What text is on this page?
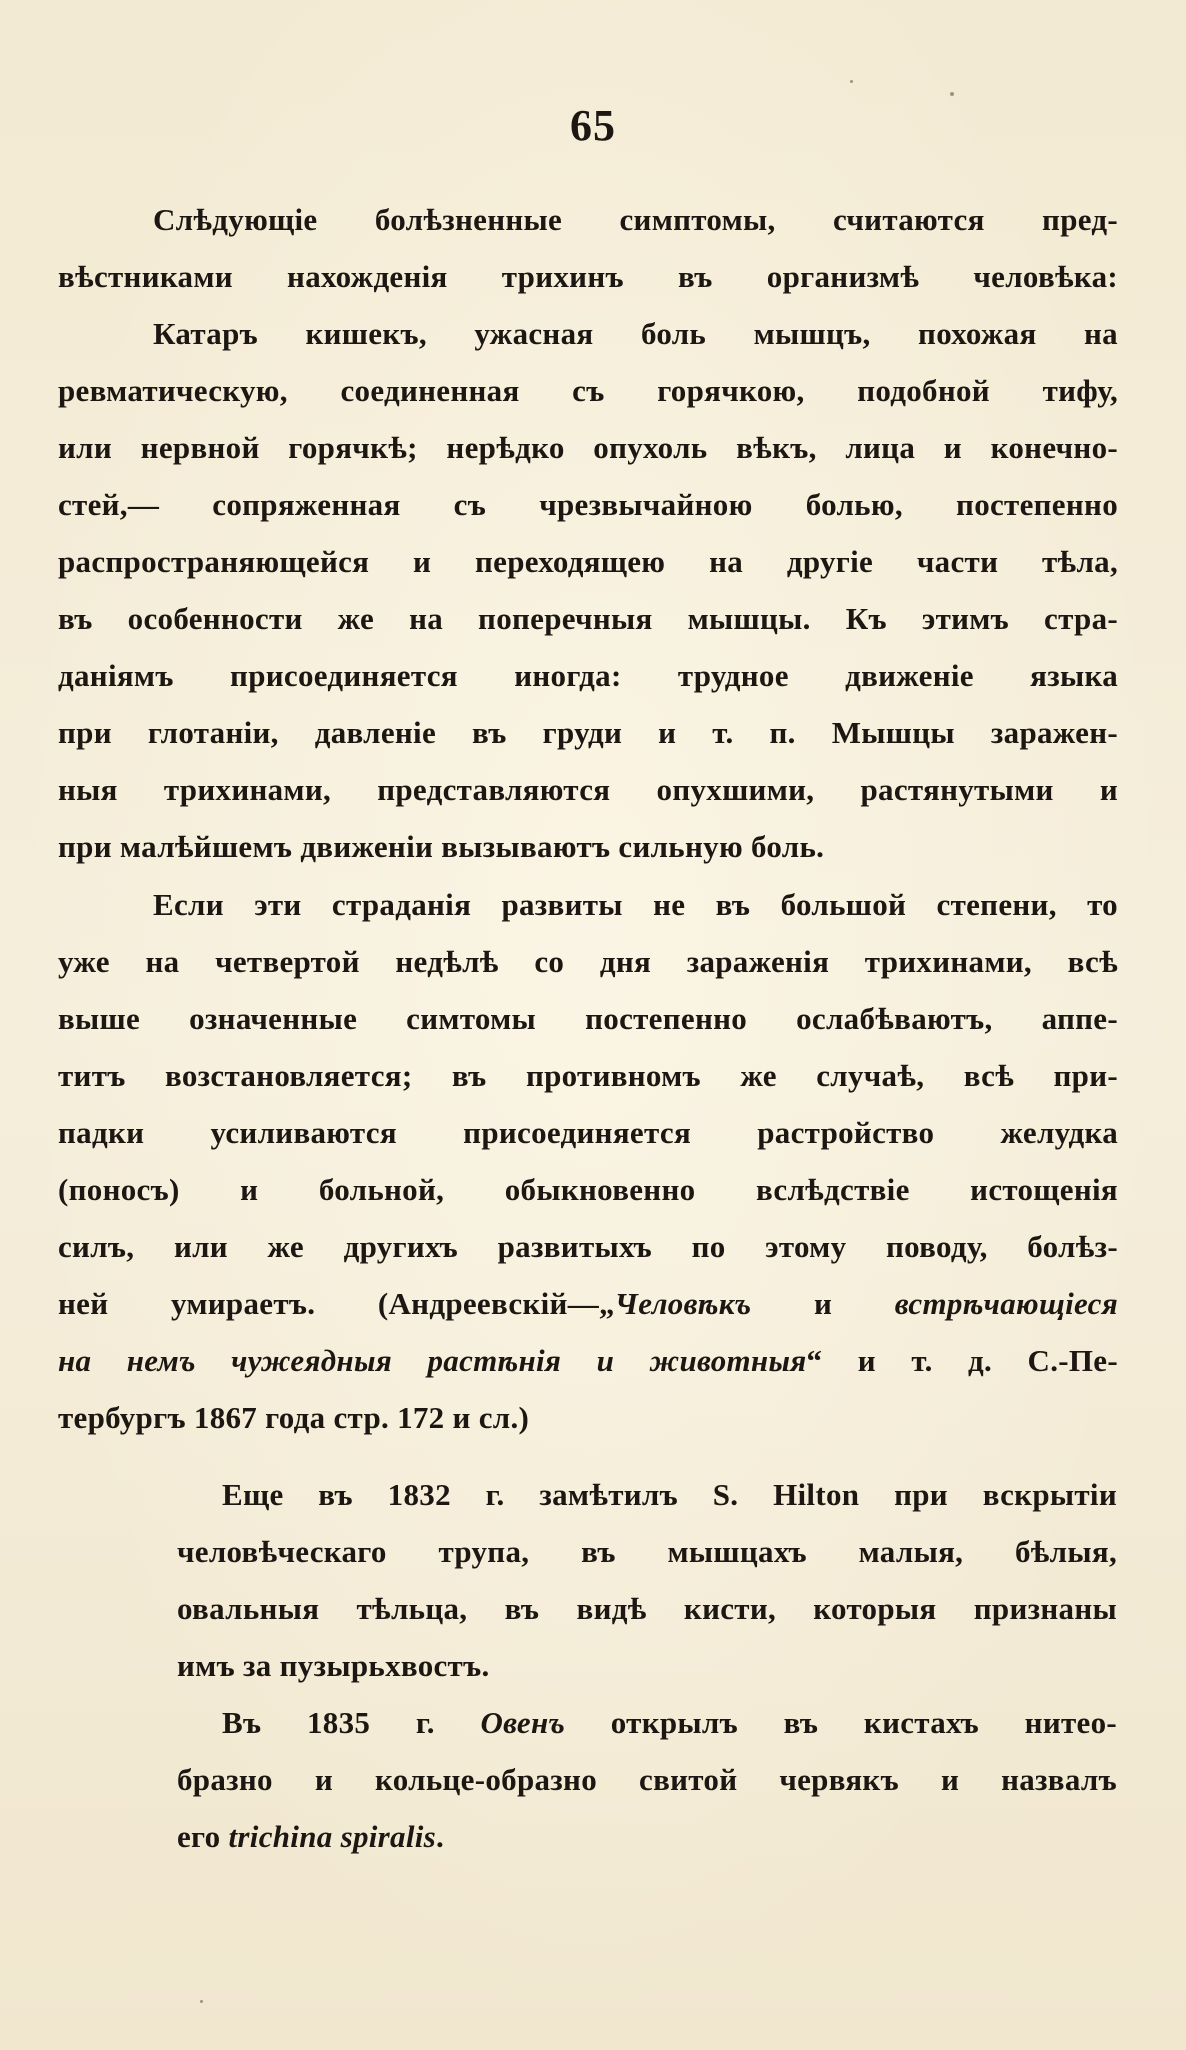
65
Слѣдующіе болѣзненные симптомы, считаются пред-
вѣстниками нахожденія трихинъ въ организмѣ человѣка:
Катаръ кишекъ, ужасная боль мышцъ, похожая на
ревматическую, соединенная съ горячкою, подобной тифу,
или нервной горячкѣ; нерѣдко опухоль вѣкъ, лица и конечно-
стей,— сопряженная съ чрезвычайною болью, постепенно
распространяющейся и переходящею на другіе части тѣла,
въ особенности же на поперечныя мышцы. Къ этимъ стра-
даніямъ присоединяется иногда: трудное движеніе языка
при глотаніи, давленіе въ груди и т. п. Мышцы заражен-
ныя трихинами, представляются опухшими, растянутыми и
при малѣйшемъ движеніи вызываютъ сильную боль.
Если эти страданія развиты не въ большой степени, то
уже на четвертой недѣлѣ со дня зараженія трихинами, всѣ
выше означенные симтомы постепенно ослабѣваютъ, аппе-
титъ возстановляется; въ противномъ же случаѣ, всѣ при-
падки усиливаются присоединяется растройство желудка
(поносъ) и больной, обыкновенно вслѣдствіе истощенія
силъ, или же другихъ развитыхъ по этому поводу, болѣз-
ней умираетъ. (Андреевскій—„Человѣкъ и встрѣчающіеся
на немъ чужеядныя растѣнія и животныя“ и т. д. С.-Пе-
тербургъ 1867 года стр. 172 и сл.)
Еще въ 1832 г. замѣтилъ S. Hilton при вскрытіи
человѣческаго трупа, въ мышцахъ малыя, бѣлыя,
овальныя тѣльца, въ видѣ кисти, которыя признаны
имъ за пузырьхвостъ.
Въ 1835 г. Овенъ открылъ въ кистахъ нитео-
бразно и кольце-образно свитой червякъ и назвалъ
его trichina spiralis.
